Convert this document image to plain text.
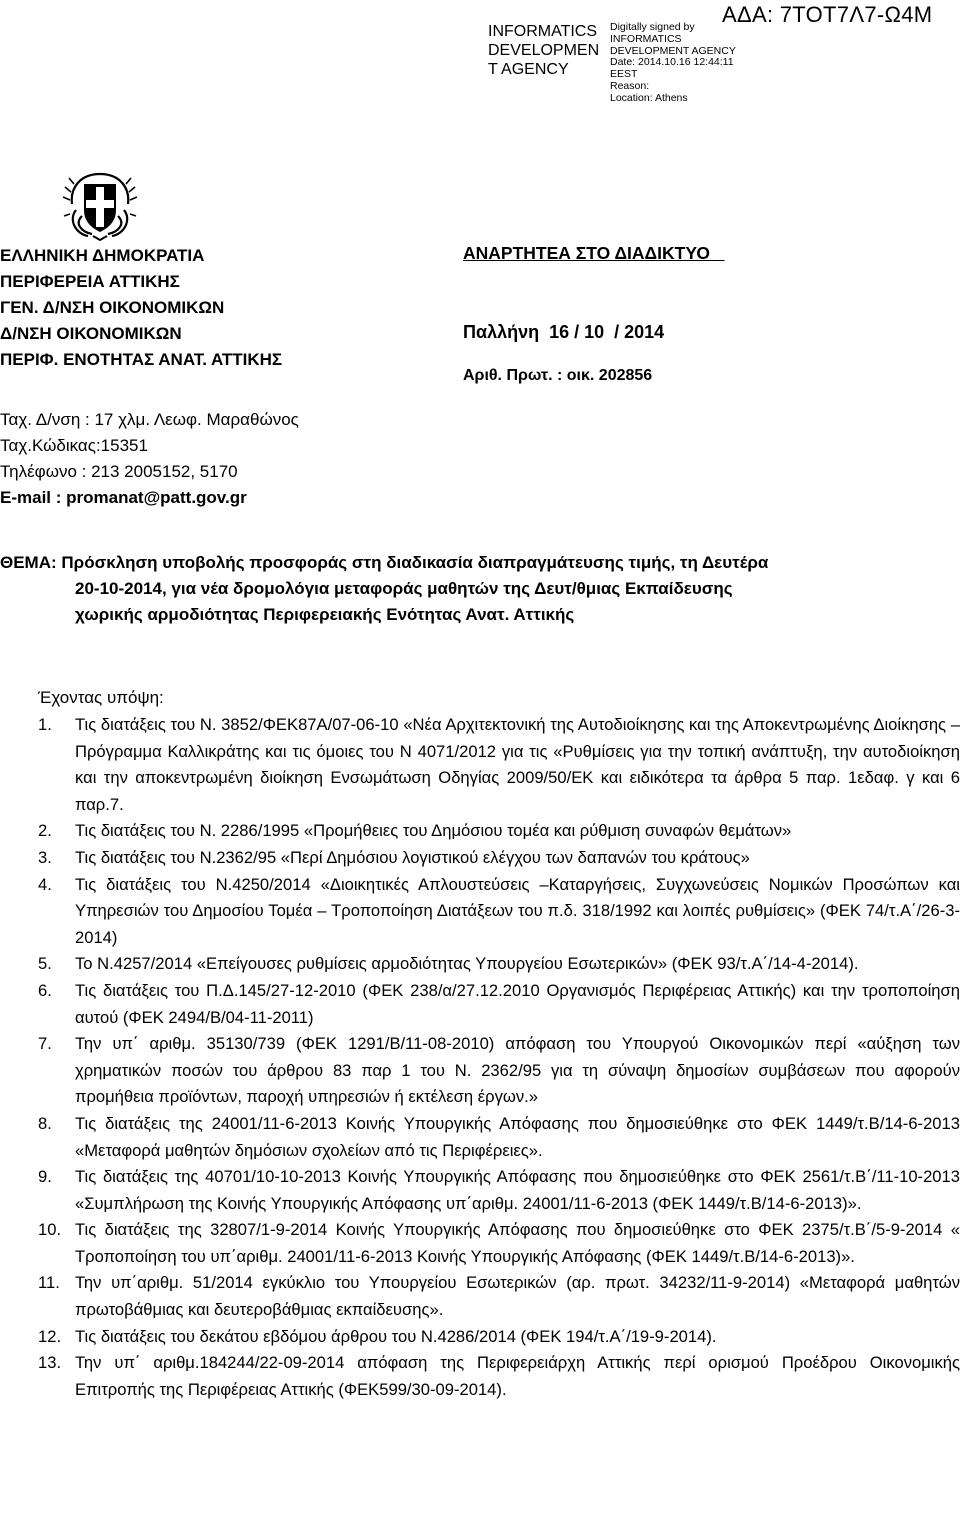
INFORMATICS
DEVELOPMEN
T AGENCY
Digitally signed by
INFORMATICS
DEVELOPMENT AGENCY
Date: 2014.10.16 12:44:11
EEST
Reason:
Location: Athens
ΑΔΑ: 7ΤΟΤ7Λ7-Ω4Μ
ΕΛΛΗΝΙΚΗ ΔΗΜΟΚΡΑΤΙΑ
ΠΕΡΙΦΕΡΕΙΑ ΑΤΤΙΚΗΣ
ΓΕΝ. Δ/ΝΣΗ ΟΙΚΟΝΟΜΙΚΩΝ
Δ/ΝΣΗ ΟΙΚΟΝΟΜΙΚΩΝ
ΠΕΡΙΦ. ΕΝΟΤΗΤΑΣ ΑΝΑΤ. ΑΤΤΙΚΗΣ
ΑΝΑΡΤΗΤΕΑ ΣΤΟ ΔΙΑΔΙΚΤΥΟ
Παλλήνη  16 / 10  / 2014
Αριθ. Πρωτ. : οικ. 202856
Ταχ. Δ/νση : 17 χλμ. Λεωφ. Μαραθώνος
Ταχ.Κώδικας:15351
Τηλέφωνο : 213 2005152, 5170
E-mail : promanat@patt.gov.gr
ΘΕΜΑ: Πρόσκληση υποβολής προσφοράς στη διαδικασία διαπραγμάτευσης τιμής, τη Δευτέρα
20-10-2014, για νέα δρομολόγια μεταφοράς μαθητών της Δευτ/θμιας Εκπαίδευσης
χωρικής αρμοδιότητας Περιφερειακής Ενότητας Ανατ. Αττικής
Έχοντας υπόψη:
1. Τις διατάξεις του Ν. 3852/ΦΕΚ87Α/07-06-10 «Νέα Αρχιτεκτονική της Αυτοδιοίκησης και της Αποκεντρωμένης Διοίκησης – Πρόγραμμα Καλλικράτης και τις όμοιες του Ν 4071/2012 για τις «Ρυθμίσεις για την τοπική ανάπτυξη, την αυτοδιοίκηση και την αποκεντρωμένη διοίκηση Ενσωμάτωση Οδηγίας 2009/50/ΕΚ και ειδικότερα τα άρθρα 5 παρ. 1εδαφ. γ και 6 παρ.7.
2. Τις διατάξεις του Ν. 2286/1995 «Προμήθειες του Δημόσιου τομέα και ρύθμιση συναφών θεμάτων»
3. Τις διατάξεις του Ν.2362/95 «Περί Δημόσιου λογιστικού ελέγχου των δαπανών του κράτους»
4. Τις διατάξεις του Ν.4250/2014 «Διοικητικές Απλουστεύσεις –Καταργήσεις, Συγχωνεύσεις Νομικών Προσώπων και Υπηρεσιών του Δημοσίου Τομέα – Τροποποίηση Διατάξεων του π.δ. 318/1992 και λοιπές ρυθμίσεις» (ΦΕΚ 74/τ.Α΄/26-3-2014)
5. Το Ν.4257/2014 «Επείγουσες ρυθμίσεις αρμοδιότητας Υπουργείου Εσωτερικών» (ΦΕΚ 93/τ.Α΄/14-4-2014).
6. Τις διατάξεις του Π.Δ.145/27-12-2010 (ΦΕΚ 238/α/27.12.2010 Οργανισμός Περιφέρειας Αττικής) και την τροποποίηση αυτού (ΦΕΚ 2494/Β/04-11-2011)
7. Την υπ΄ αριθμ. 35130/739 (ΦΕΚ 1291/Β/11-08-2010) απόφαση του Υπουργού Οικονομικών περί «αύξηση των χρηματικών ποσών του άρθρου 83 παρ 1 του Ν. 2362/95 για τη σύναψη δημοσίων συμβάσεων που αφορούν προμήθεια προϊόντων, παροχή υπηρεσιών ή εκτέλεση έργων.»
8. Τις διατάξεις της 24001/11-6-2013 Κοινής Υπουργικής Απόφασης που δημοσιεύθηκε στο ΦΕΚ 1449/τ.Β/14-6-2013 «Μεταφορά μαθητών δημόσιων σχολείων από τις Περιφέρειες».
9. Τις διατάξεις της 40701/10-10-2013 Κοινής Υπουργικής Απόφασης που δημοσιεύθηκε στο ΦΕΚ 2561/τ.Β΄/11-10-2013 «Συμπλήρωση της Κοινής Υπουργικής Απόφασης υπ΄αριθμ. 24001/11-6-2013 (ΦΕΚ 1449/τ.Β/14-6-2013)».
10. Τις διατάξεις της 32807/1-9-2014 Κοινής Υπουργικής Απόφασης που δημοσιεύθηκε στο ΦΕΚ 2375/τ.Β΄/5-9-2014 « Τροποποίηση του υπ΄αριθμ. 24001/11-6-2013 Κοινής Υπουργικής Απόφασης (ΦΕΚ 1449/τ.Β/14-6-2013)».
11. Την υπ΄αριθμ. 51/2014 εγκύκλιο του Υπουργείου Εσωτερικών (αρ. πρωτ. 34232/11-9-2014) «Μεταφορά μαθητών πρωτοβάθμιας και δευτεροβάθμιας εκπαίδευσης».
12. Τις διατάξεις του δεκάτου εβδόμου άρθρου του Ν.4286/2014 (ΦΕΚ 194/τ.Α΄/19-9-2014).
13. Την υπ΄ αριθμ.184244/22-09-2014 απόφαση της Περιφερειάρχη Αττικής περί ορισμού Προέδρου Οικονομικής Επιτροπής της Περιφέρειας Αττικής (ΦΕΚ599/30-09-2014).
